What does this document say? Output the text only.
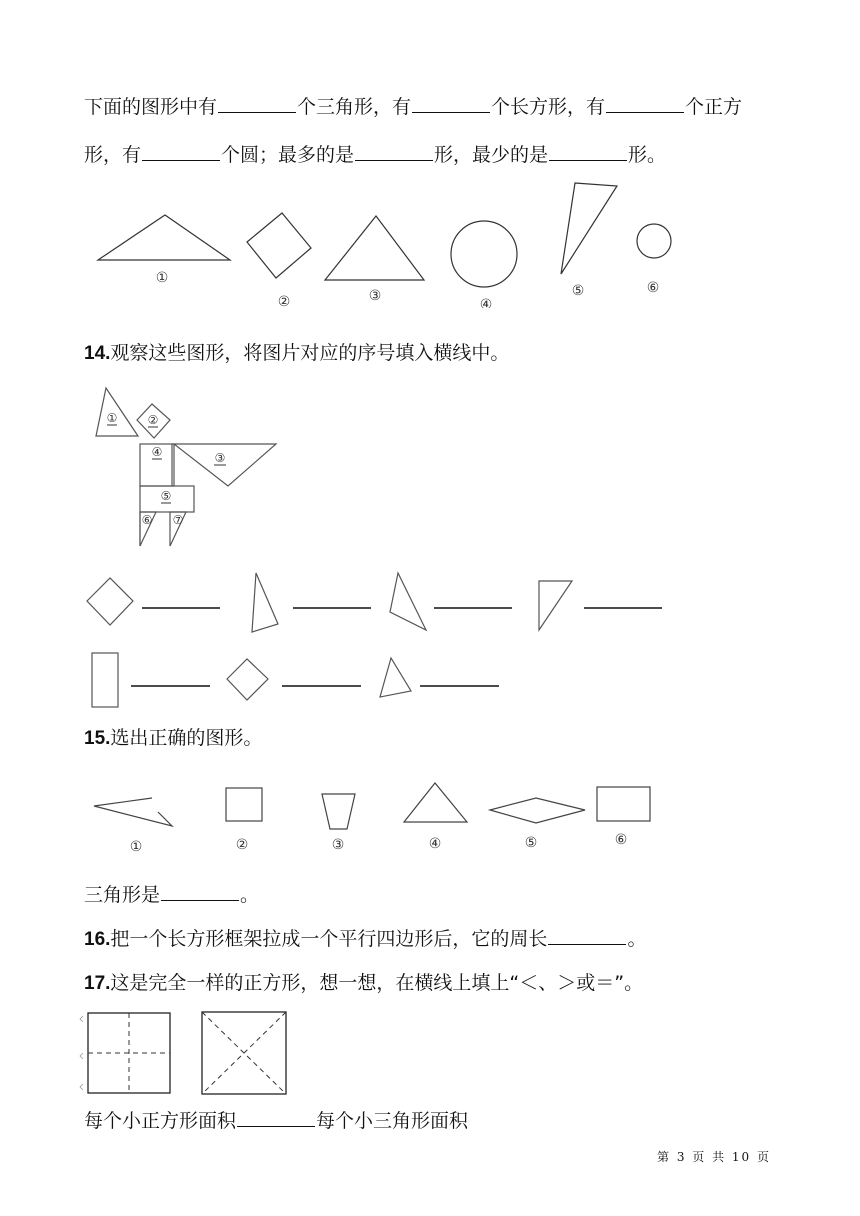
下面的图形中有	个三角形，有	个长方形，有	个正方
形，有	个圆；最多的是	形，最少的是	形。
①
②	③
④
⑤	⑥
14.观察这些图形，将图片对应的序号填入横线中。
①	②
③
④
⑤
⑥ ⑦
15.选出正确的图形。
①	②	③	④	⑤	⑥
三角形是	。
16.把一个长方形框架拉成一个平行四边形后，它的周长	。
17.这是完全一样的正方形，想一想，在横线上填上“＜、＞或＝”。
每个小正方形面积	每个小三角形面积
第 3 页 共 10 页
